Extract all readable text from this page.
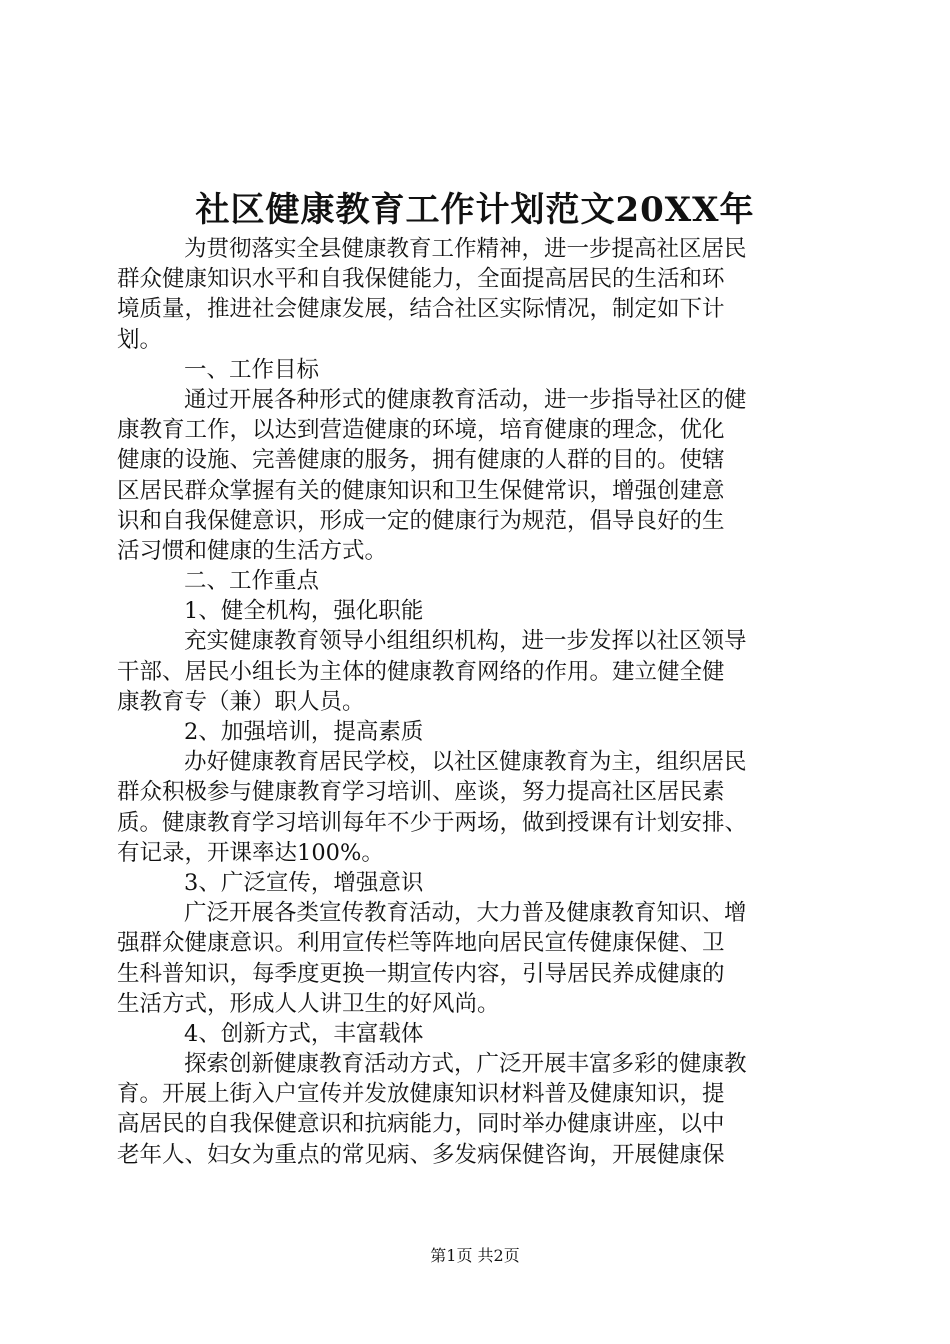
社区健康教育工作计划范文20XX年
为贯彻落实全县健康教育工作精神，进一步提高社区居民
群众健康知识水平和自我保健能力，全面提高居民的生活和环
境质量，推进社会健康发展，结合社区实际情况，制定如下计
划。
一、工作目标
通过开展各种形式的健康教育活动，进一步指导社区的健
康教育工作，以达到营造健康的环境，培育健康的理念，优化
健康的设施、完善健康的服务，拥有健康的人群的目的。使辖
区居民群众掌握有关的健康知识和卫生保健常识，增强创建意
识和自我保健意识，形成一定的健康行为规范，倡导良好的生
活习惯和健康的生活方式。
二、工作重点
1、健全机构，强化职能
充实健康教育领导小组组织机构，进一步发挥以社区领导
干部、居民小组长为主体的健康教育网络的作用。建立健全健
康教育专（兼）职人员。
2、加强培训，提高素质
办好健康教育居民学校，以社区健康教育为主，组织居民
群众积极参与健康教育学习培训、座谈，努力提高社区居民素
质。健康教育学习培训每年不少于两场，做到授课有计划安排、
有记录，开课率达100%。
3、广泛宣传，增强意识
广泛开展各类宣传教育活动，大力普及健康教育知识、增
强群众健康意识。利用宣传栏等阵地向居民宣传健康保健、卫
生科普知识，每季度更换一期宣传内容，引导居民养成健康的
生活方式，形成人人讲卫生的好风尚。
4、创新方式，丰富载体
探索创新健康教育活动方式，广泛开展丰富多彩的健康教
育。开展上街入户宣传并发放健康知识材料普及健康知识，提
高居民的自我保健意识和抗病能力，同时举办健康讲座，以中
老年人、妇女为重点的常见病、多发病保健咨询，开展健康保
第1页 共2页
